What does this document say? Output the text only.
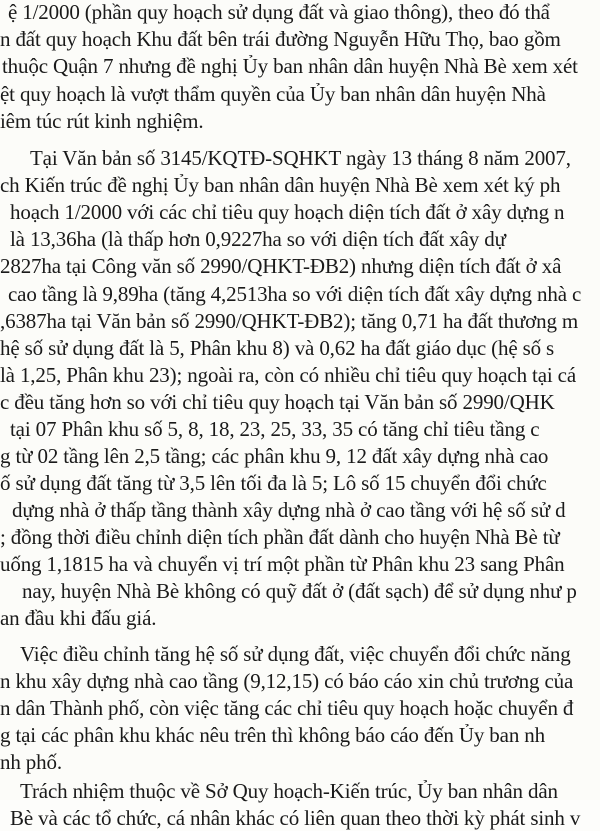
ệ 1/2000 (phần quy hoạch sử dụng đất và giao thông), theo đó thẩ
n đất quy hoạch Khu đất bên trái đường Nguyễn Hữu Thọ, bao gồm
thuộc Quận 7 nhưng đề nghị Ủy ban nhân dân huyện Nhà Bè xem xét
ệt quy hoạch là vượt thẩm quyền của Ủy ban nhân dân huyện Nhà
iêm túc rút kinh nghiệm.
Tại Văn bản số 3145/KQTĐ-SQHKT ngày 13 tháng 8 năm 2007,
ch Kiến trúc đề nghị Ủy ban nhân dân huyện Nhà Bè xem xét ký ph
hoạch 1/2000 với các chỉ tiêu quy hoạch diện tích đất ở xây dựng n
là 13,36ha (là thấp hơn 0,9227ha so với diện tích đất xây dự
2827ha tại Công văn số 2990/QHKT-ĐB2) nhưng diện tích đất ở xâ
cao tầng là 9,89ha (tăng 4,2513ha so với diện tích đất xây dựng nhà c
,6387ha tại Văn bản số 2990/QHKT-ĐB2); tăng 0,71 ha đất thương m
hệ số sử dụng đất là 5, Phân khu 8) và 0,62 ha đất giáo dục (hệ số s
là 1,25, Phân khu 23); ngoài ra, còn có nhiều chỉ tiêu quy hoạch tại cá
c đều tăng hơn so với chỉ tiêu quy hoạch tại Văn bản số 2990/QHK
tại 07 Phân khu số 5, 8, 18, 23, 25, 33, 35 có tăng chỉ tiêu tầng c
g từ 02 tầng lên 2,5 tầng; các phân khu 9, 12 đất xây dựng nhà cao
ố sử dụng đất tăng từ 3,5 lên tối đa là 5; Lô số 15 chuyển đổi chức
dựng nhà ở thấp tầng thành xây dựng nhà ở cao tầng với hệ số sử d
; đồng thời điều chỉnh diện tích phần đất dành cho huyện Nhà Bè từ
uống 1,1815 ha và chuyển vị trí một phần từ Phân khu 23 sang Phân
nay, huyện Nhà Bè không có quỹ đất ở (đất sạch) để sử dụng như p
an đầu khi đấu giá.
Việc điều chỉnh tăng hệ số sử dụng đất, việc chuyển đổi chức năng
n khu xây dựng nhà cao tầng (9,12,15) có báo cáo xin chủ trương của
n dân Thành phố, còn việc tăng các chỉ tiêu quy hoạch hoặc chuyển đ
g tại các phân khu khác nêu trên thì không báo cáo đến Ủy ban nh
nh phố.
Trách nhiệm thuộc về Sở Quy hoạch-Kiến trúc, Ủy ban nhân dân
Bè và các tổ chức, cá nhân khác có liên quan theo thời kỳ phát sinh v
